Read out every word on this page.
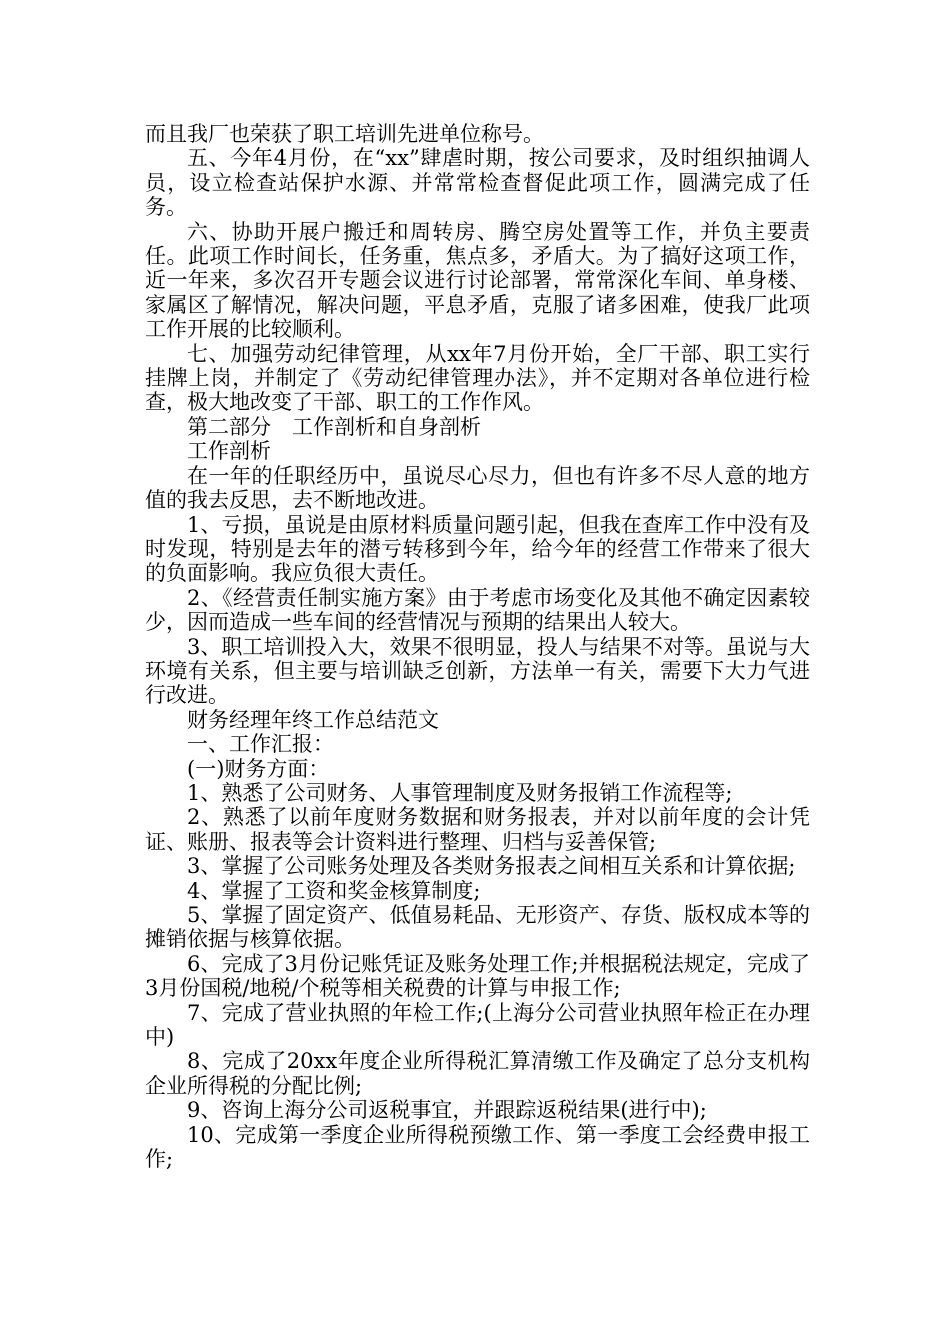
而且我厂也荣获了职工培训先进单位称号。

五、今年4月份，在“xx”肆虐时期，按公司要求，及时组织抽调人员，设立检查站保护水源、并常常检查督促此项工作，圆满完成了任务。

六、协助开展户搬迁和周转房、腾空房处置等工作，并负主要责任。此项工作时间长，任务重，焦点多，矛盾大。为了搞好这项工作，近一年来，多次召开专题会议进行讨论部署，常常深化车间、单身楼、家属区了解情况，解决问题，平息矛盾，克服了诸多困难，使我厂此项工作开展的比较顺利。

七、加强劳动纪律管理，从xx年7月份开始，全厂干部、职工实行挂牌上岗，并制定了《劳动纪律管理办法》，并不定期对各单位进行检查，极大地改变了干部、职工的工作作风。

第二部分　工作剖析和自身剖析

工作剖析

在一年的任职经历中，虽说尽心尽力，但也有许多不尽人意的地方值的我去反思，去不断地改进。

1、亏损，虽说是由原材料质量问题引起，但我在查库工作中没有及时发现，特别是去年的潜亏转移到今年，给今年的经营工作带来了很大的负面影响。我应负很大责任。

2、《经营责任制实施方案》由于考虑市场变化及其他不确定因素较少，因而造成一些车间的经营情况与预期的结果出人较大。

3、职工培训投入大，效果不很明显，投人与结果不对等。虽说与大环境有关系，但主要与培训缺乏创新，方法单一有关，需要下大力气进行改进。

财务经理年终工作总结范文

一、工作汇报：

(一)财务方面：

1、熟悉了公司财务、人事管理制度及财务报销工作流程等;

2、熟悉了以前年度财务数据和财务报表，并对以前年度的会计凭证、账册、报表等会计资料进行整理、归档与妥善保管;

3、掌握了公司账务处理及各类财务报表之间相互关系和计算依据;

4、掌握了工资和奖金核算制度;

5、掌握了固定资产、低值易耗品、无形资产、存货、版权成本等的摊销依据与核算依据。

6、完成了3月份记账凭证及账务处理工作;并根据税法规定，完成了3月份国税/地税/个税等相关税费的计算与申报工作;

7、完成了营业执照的年检工作;(上海分公司营业执照年检正在办理中)

8、完成了20xx年度企业所得税汇算清缴工作及确定了总分支机构企业所得税的分配比例;

9、咨询上海分公司返税事宜，并跟踪返税结果(进行中);

10、完成第一季度企业所得税预缴工作、第一季度工会经费申报工作;
